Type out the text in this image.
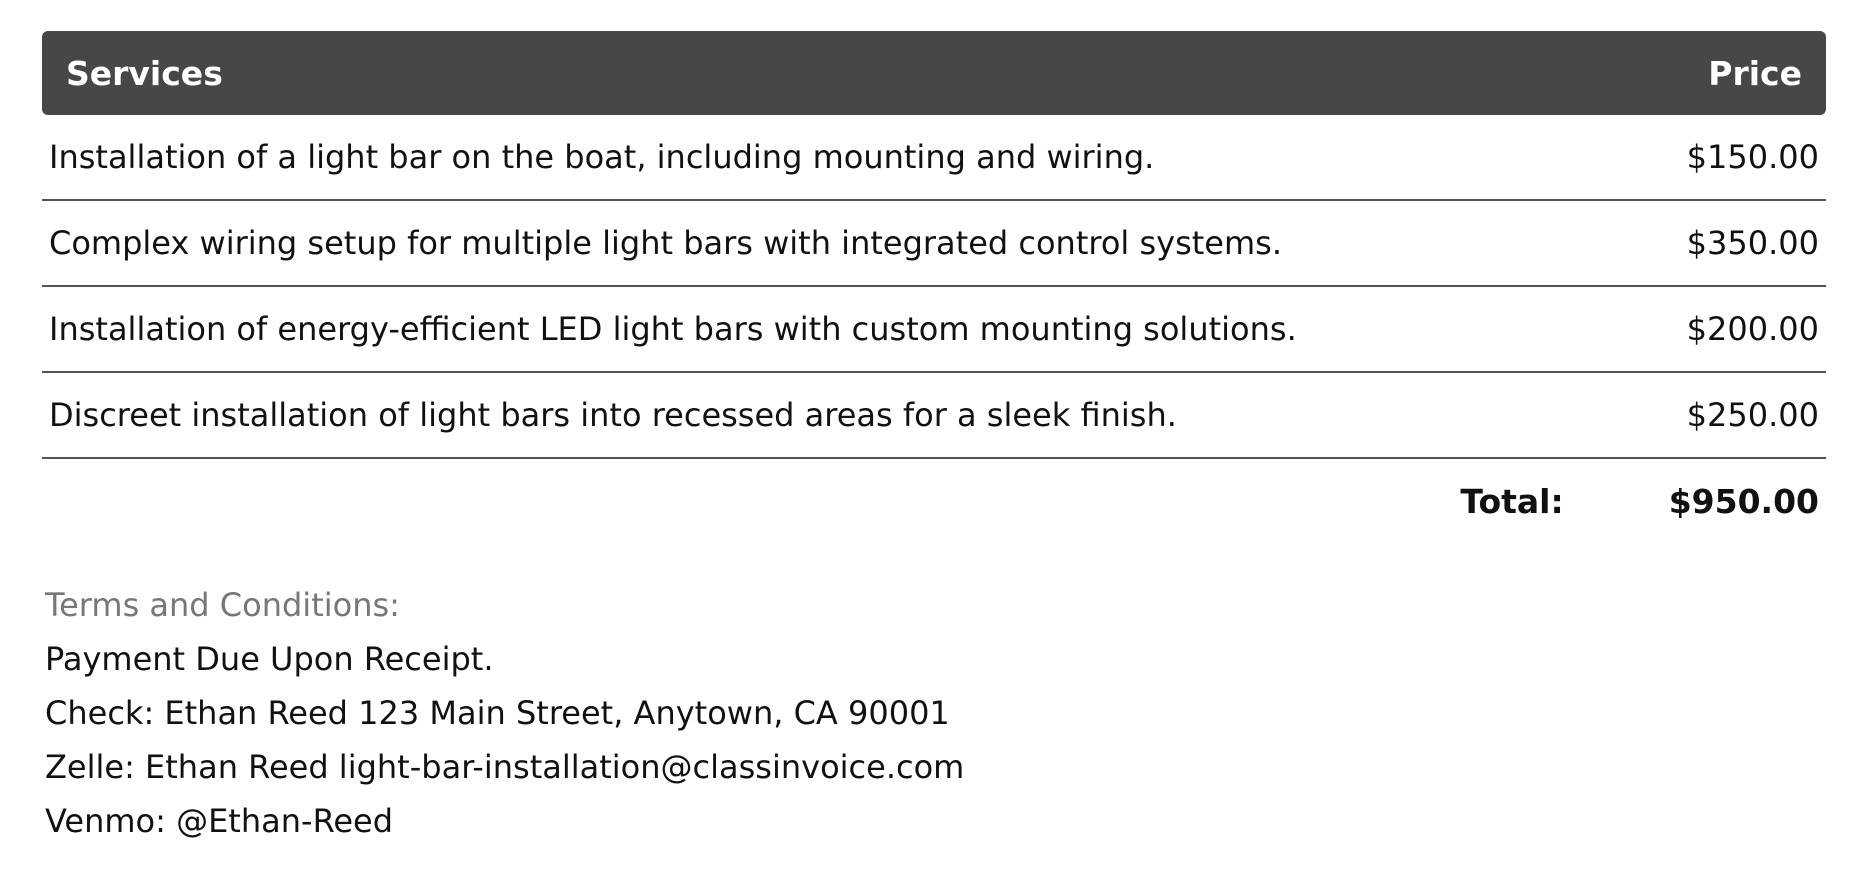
Services	Price
Installation of a light bar on the boat, including mounting and wiring.	$150.00
Complex wiring setup for multiple light bars with integrated control systems.	$350.00
Installation of energy-efficient LED light bars with custom mounting solutions.	$200.00
Discreet installation of light bars into recessed areas for a sleek finish.	$250.00
Total:	$950.00
Terms and Conditions:
Payment Due Upon Receipt.
Check: Ethan Reed 123 Main Street, Anytown, CA 90001
Zelle: Ethan Reed light-bar-installation@classinvoice.com
Venmo: @Ethan-Reed
